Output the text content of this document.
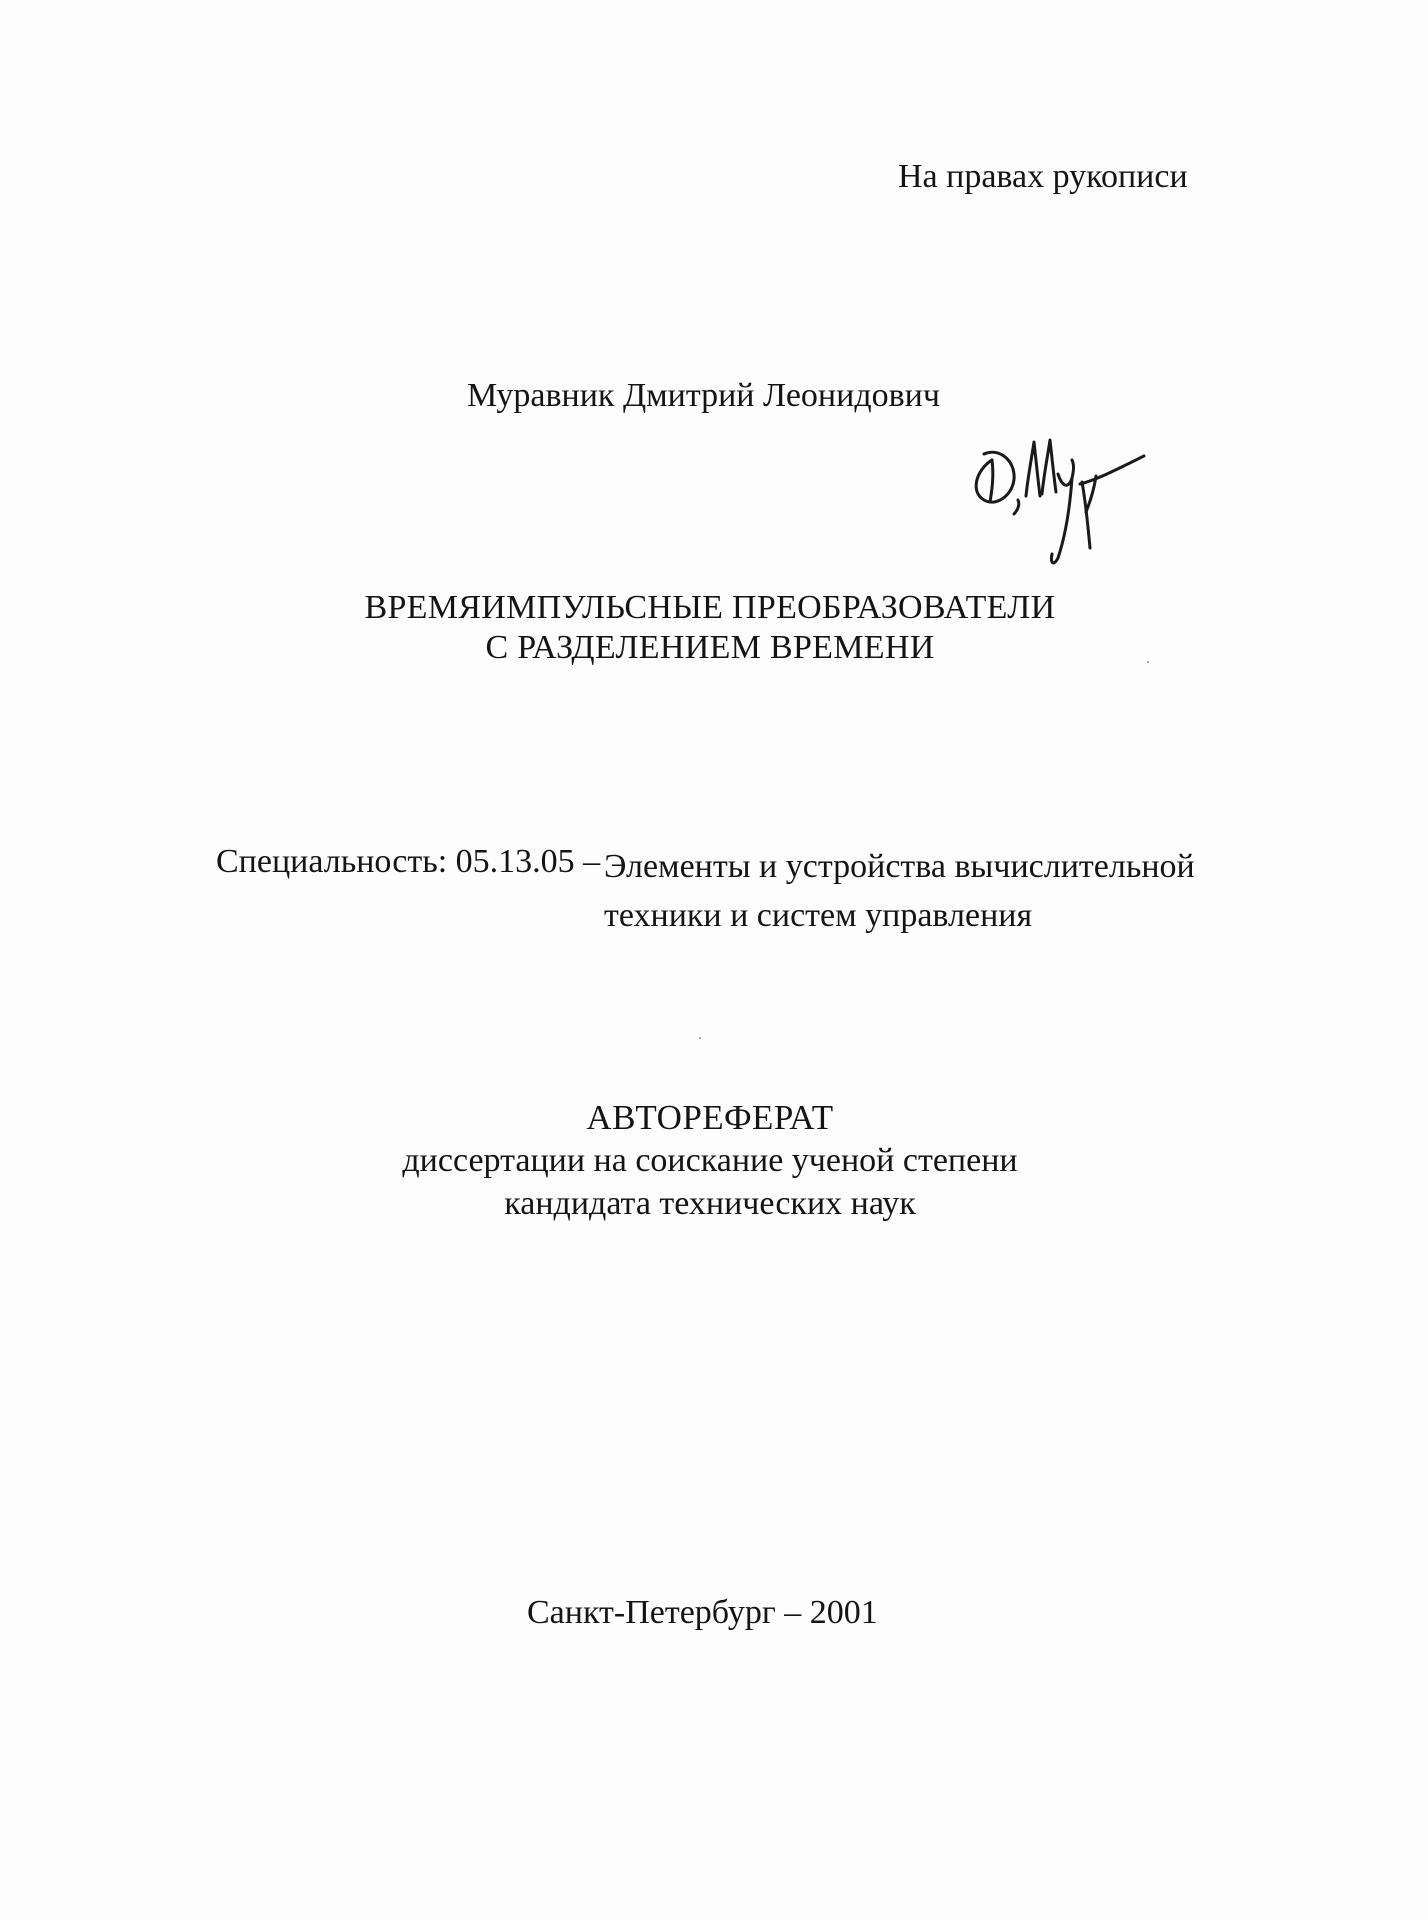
На правах рукописи
Муравник Дмитрий Леонидович
ВРЕМЯИМПУЛЬСНЫЕ ПРЕОБРАЗОВАТЕЛИ
С РАЗДЕЛЕНИЕМ ВРЕМЕНИ
Специальность: 05.13.05 – Элементы и устройства вычислительной
техники и систем управления
АВТОРЕФЕРАТ
диссертации на соискание ученой степени
кандидата технических наук
Санкт-Петербург – 2001
